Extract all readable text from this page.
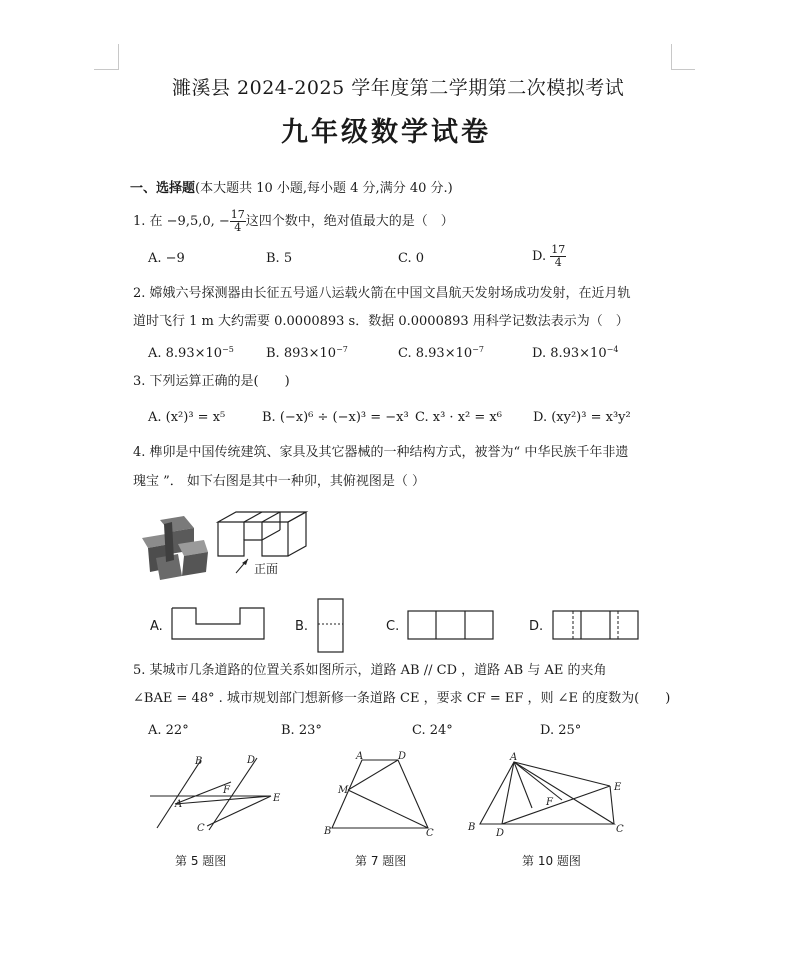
濉溪县 2024-2025 学年度第二学期第二次模拟考试
九年级数学试卷
一、选择题(本大题共 10 小题,每小题 4 分,满分 40 分.)
1. 在 −9,5,0, − $\frac{17}{4}$ 这四个数中，绝对值最大的是（　）
A. −9	B. 5	C. 0	D. $\frac{17}{4}$
2. 嫦娥六号探测器由长征五号遥八运载火箭在中国文昌航天发射场成功发射，在近月轨
道时飞行 1 m 大约需要 0.0000893 s．数据 0.0000893 用科学记数法表示为（　）
A. $8.93\times 10^{-5}$ B. $893\times 10^{-7}$	C. $8.93\times 10^{-7}$	D. $8.93\times 10^{-4}$
3. 下列运算正确的是(　　)
A. (x²)³ = x⁵	B. (−x)⁶ ÷ (−x)³ = −x³ C. x³ · x² = x⁶ D. (xy²)³ = x³y²
4. 榫卯是中国传统建筑、家具及其它器械的一种结构方式，被誉为“ 中华民族千年非遗
瑰宝 ”． 如下右图是其中一种卯，其俯视图是（ ）
正面
A.	B.	C.	D.
5. 某城市几条道路的位置关系如图所示，道路 AB // CD ，道路 AB 与 AE 的夹角
∠BAE = 48° . 城市规划部门想新修一条道路 CE ，要求 CF = EF ，则 ∠E 的度数为(　　)
A. 22°	B. 23°	C. 24°	D. 25°
B	D
A
F
E
C
第 5 题图
A	D
M
B	C
第 7 题图
A
E
F
B
D	C
第 10 题图
